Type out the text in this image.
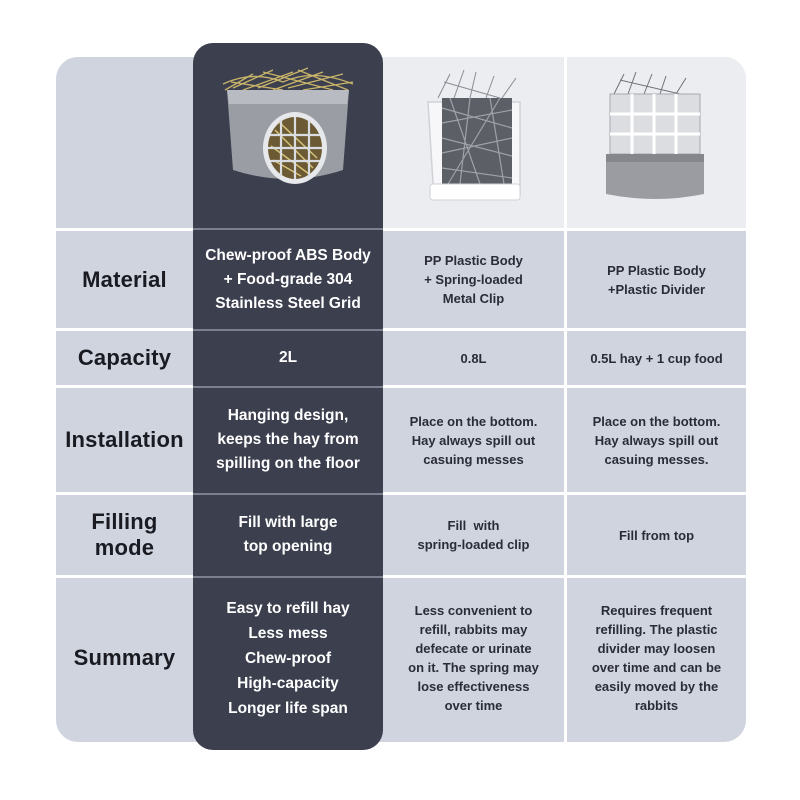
Material
Capacity
Installation
Filling mode
Summary
Chew-proof ABS Body
+ Food-grade 304
Stainless Steel Grid
PP Plastic Body
+ Spring-loaded
Metal Clip
PP Plastic Body
+Plastic Divider
2L	0.8L	0.5L hay + 1 cup food
Hanging design,
keeps the hay from
spilling on the floor
Place on the bottom.
Hay always spill out
casuing messes
Place on the bottom.
Hay always spill out
casuing messes.
Fill with large
top opening
Fill  with
spring-loaded clip
Fill from top
Easy to refill hay
Less mess
Chew-proof
High-capacity
Longer life span
Less convenient to
refill, rabbits may
defecate or urinate
on it. The spring may
lose effectiveness
over time
Requires frequent
refilling. The plastic
divider may loosen
over time and can be
easily moved by the
rabbits
